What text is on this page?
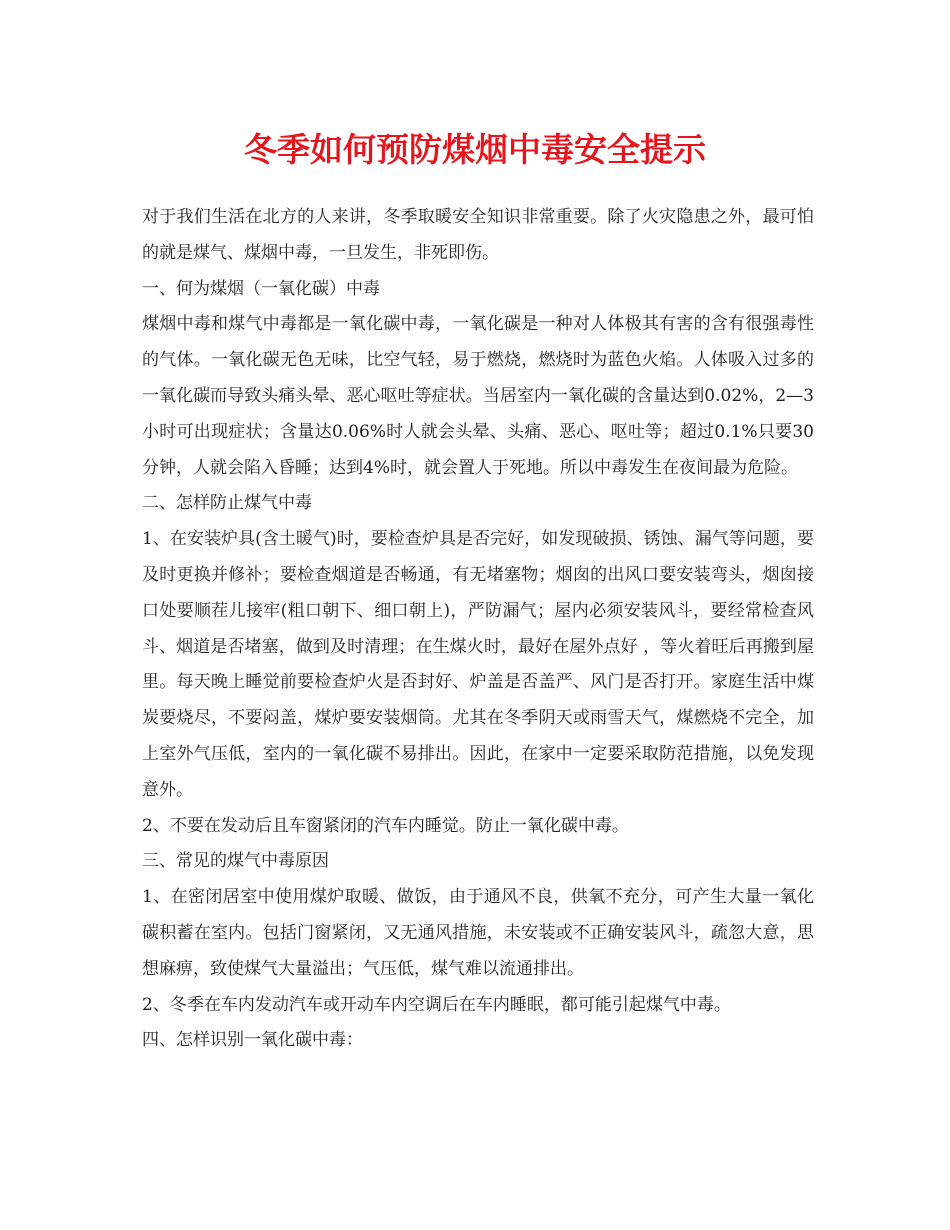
冬季如何预防煤烟中毒安全提示

对于我们生活在北方的人来讲，冬季取暖安全知识非常重要。除了火灾隐患之外，最可怕的就是煤气、煤烟中毒，一旦发生，非死即伤。

一、何为煤烟（一氧化碳）中毒

煤烟中毒和煤气中毒都是一氧化碳中毒，一氧化碳是一种对人体极其有害的含有很强毒性的气体。一氧化碳无色无味，比空气轻，易于燃烧，燃烧时为蓝色火焰。人体吸入过多的一氧化碳而导致头痛头晕、恶心呕吐等症状。当居室内一氧化碳的含量达到0.02%，2—3小时可出现症状；含量达0.06%时人就会头晕、头痛、恶心、呕吐等；超过0.1%只要30分钟，人就会陷入昏睡；达到4%时，就会置人于死地。所以中毒发生在夜间最为危险。

二、怎样防止煤气中毒

1、在安装炉具(含土暖气)时，要检查炉具是否完好，如发现破损、锈蚀、漏气等问题，要及时更换并修补；要检查烟道是否畅通，有无堵塞物；烟囱的出风口要安装弯头，烟囱接口处要顺茬儿接牢(粗口朝下、细口朝上)，严防漏气；屋内必须安装风斗，要经常检查风斗、烟道是否堵塞，做到及时清理；在生煤火时，最好在屋外点好 ，等火着旺后再搬到屋里。每天晚上睡觉前要检查炉火是否封好、炉盖是否盖严、风门是否打开。家庭生活中煤炭要烧尽，不要闷盖，煤炉要安装烟筒。尤其在冬季阴天或雨雪天气，煤燃烧不完全，加上室外气压低，室内的一氧化碳不易排出。因此，在家中一定要采取防范措施，以免发现意外。

2、不要在发动后且车窗紧闭的汽车内睡觉。防止一氧化碳中毒。

三、常见的煤气中毒原因

1、在密闭居室中使用煤炉取暖、做饭，由于通风不良，供氧不充分，可产生大量一氧化碳积蓄在室内。包括门窗紧闭，又无通风措施，未安装或不正确安装风斗，疏忽大意，思想麻痹，致使煤气大量溢出；气压低，煤气难以流通排出。

2、冬季在车内发动汽车或开动车内空调后在车内睡眠，都可能引起煤气中毒。

四、怎样识别一氧化碳中毒：
